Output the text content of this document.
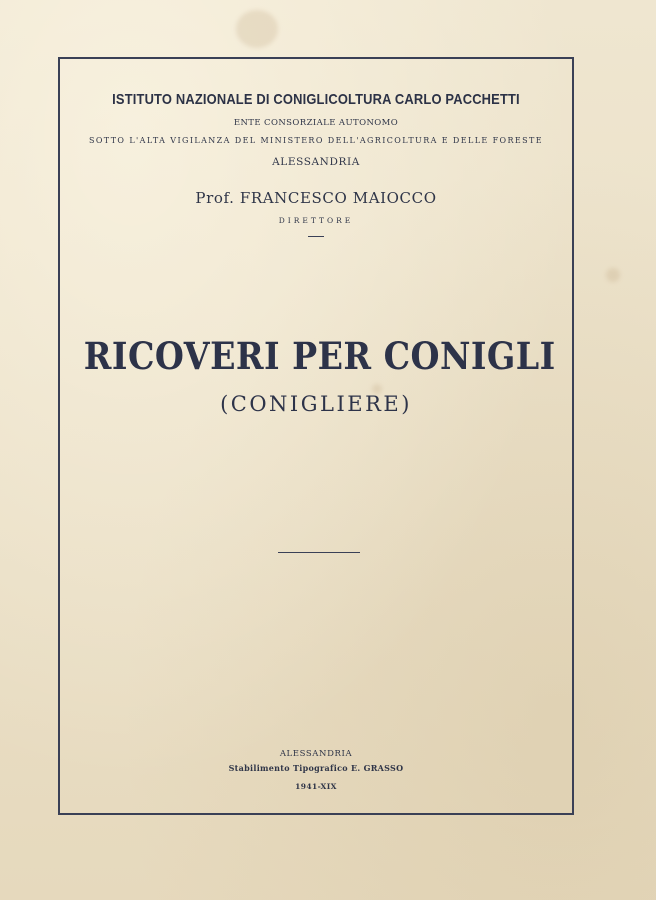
ISTITUTO NAZIONALE DI CONIGLICOLTURA CARLO PACCHETTI
ENTE CONSORZIALE AUTONOMO
SOTTO L'ALTA VIGILANZA DEL MINISTERO DELL'AGRICOLTURA E DELLE FORESTE
ALESSANDRIA
Prof. FRANCESCO MAIOCCO
DIRETTORE
RICOVERI PER CONIGLI
(CONIGLIERE)
ALESSANDRIA
Stabilimento Tipografico E. GRASSO
1941-XIX
